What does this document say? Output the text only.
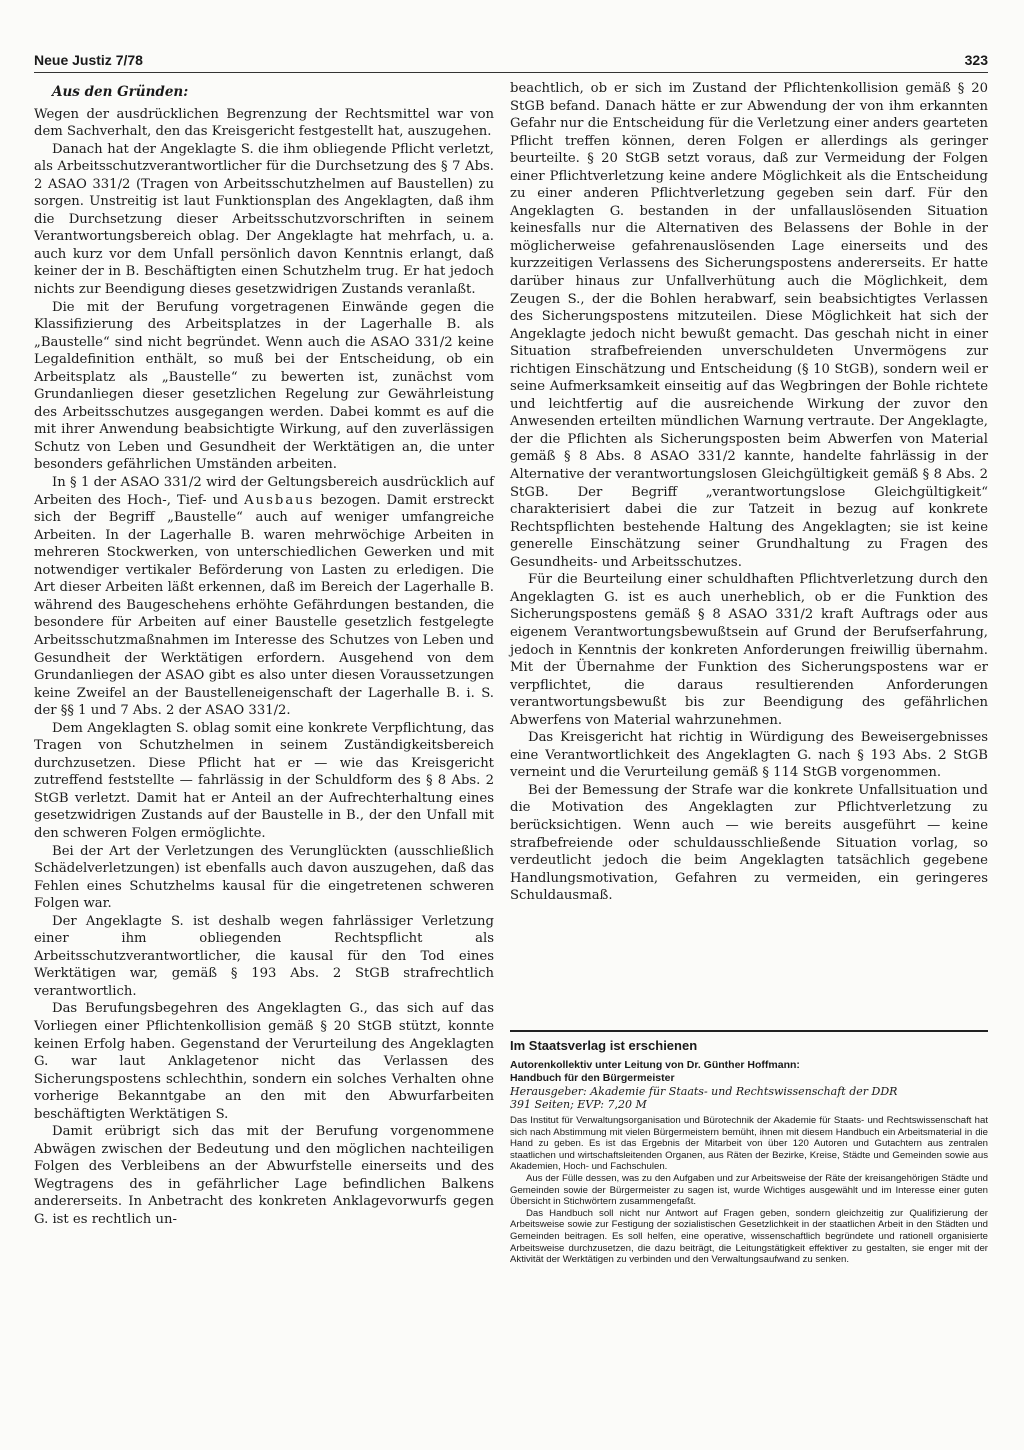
Neue Justiz 7/78	323
Aus den Gründen:

Wegen der ausdrücklichen Begrenzung der Rechtsmittel war von dem Sachverhalt, den das Kreisgericht festgestellt hat, auszugehen.

Danach hat der Angeklagte S. die ihm obliegende Pflicht verletzt, als Arbeitsschutzverantwortlicher für die Durchsetzung des § 7 Abs. 2 ASAO 331/2 (Tragen von Arbeitsschutzhelmen auf Baustellen) zu sorgen. Unstreitig ist laut Funktionsplan des Angeklagten, daß ihm die Durchsetzung dieser Arbeitsschutzvorschriften in seinem Verantwortungsbereich oblag. Der Angeklagte hat mehrfach, u. a. auch kurz vor dem Unfall persönlich davon Kenntnis erlangt, daß keiner der in B. Beschäftigten einen Schutzhelm trug. Er hat jedoch nichts zur Beendigung dieses gesetzwidrigen Zustands veranlaßt.

Die mit der Berufung vorgetragenen Einwände gegen die Klassifizierung des Arbeitsplatzes in der Lagerhalle B. als „Baustelle“ sind nicht begründet. Wenn auch die ASAO 331/2 keine Legaldefinition enthält, so muß bei der Entscheidung, ob ein Arbeitsplatz als „Baustelle“ zu bewerten ist, zunächst vom Grundanliegen dieser gesetzlichen Regelung zur Gewährleistung des Arbeitsschutzes ausgegangen werden. Dabei kommt es auf die mit ihrer Anwendung beabsichtigte Wirkung, auf den zuverlässigen Schutz von Leben und Gesundheit der Werktätigen an, die unter besonders gefährlichen Umständen arbeiten.

In § 1 der ASAO 331/2 wird der Geltungsbereich ausdrücklich auf Arbeiten des Hoch-, Tief- und Ausbaus bezogen. Damit erstreckt sich der Begriff „Baustelle“ auch auf weniger umfangreiche Arbeiten. In der Lagerhalle B. waren mehrwöchige Arbeiten in mehreren Stockwerken, von unterschiedlichen Gewerken und mit notwendiger vertikaler Beförderung von Lasten zu erledigen. Die Art dieser Arbeiten läßt erkennen, daß im Bereich der Lagerhalle B. während des Baugeschehens erhöhte Gefährdungen bestanden, die besondere für Arbeiten auf einer Baustelle gesetzlich festgelegte Arbeitsschutzmaßnahmen im Interesse des Schutzes von Leben und Gesundheit der Werktätigen erfordern. Ausgehend von dem Grundanliegen der ASAO gibt es also unter diesen Voraussetzungen keine Zweifel an der Baustelleneigenschaft der Lagerhalle B. i. S. der §§ 1 und 7 Abs. 2 der ASAO 331/2.

Dem Angeklagten S. oblag somit eine konkrete Verpflichtung, das Tragen von Schutzhelmen in seinem Zuständigkeitsbereich durchzusetzen. Diese Pflicht hat er — wie das Kreisgericht zutreffend feststellte — fahrlässig in der Schuldform des § 8 Abs. 2 StGB verletzt. Damit hat er Anteil an der Aufrechterhaltung eines gesetzwidrigen Zustands auf der Baustelle in B., der den Unfall mit den schweren Folgen ermöglichte.

Bei der Art der Verletzungen des Verunglückten (ausschließlich Schädelverletzungen) ist ebenfalls auch davon auszugehen, daß das Fehlen eines Schutzhelms kausal für die eingetretenen schweren Folgen war.

Der Angeklagte S. ist deshalb wegen fahrlässiger Verletzung einer ihm obliegenden Rechtspflicht als Arbeitsschutzverantwortlicher, die kausal für den Tod eines Werktätigen war, gemäß § 193 Abs. 2 StGB strafrechtlich verantwortlich.

Das Berufungsbegehren des Angeklagten G., das sich auf das Vorliegen einer Pflichtenkollision gemäß § 20 StGB stützt, konnte keinen Erfolg haben. Gegenstand der Verurteilung des Angeklagten G. war laut Anklagetenor nicht das Verlassen des Sicherungspostens schlechthin, sondern ein solches Verhalten ohne vorherige Bekanntgabe an den mit den Abwurfarbeiten beschäftigten Werktätigen S.

Damit erübrigt sich das mit der Berufung vorgenommene Abwägen zwischen der Bedeutung und den möglichen nachteiligen Folgen des Verbleibens an der Abwurfstelle einerseits und des Wegtragens des in gefährlicher Lage befindlichen Balkens andererseits. In Anbetracht des konkreten Anklagevorwurfs gegen G. ist es rechtlich un-

beachtlich, ob er sich im Zustand der Pflichtenkollision gemäß § 20 StGB befand. Danach hätte er zur Abwendung der von ihm erkannten Gefahr nur die Entscheidung für die Verletzung einer anders gearteten Pflicht treffen können, deren Folgen er allerdings als geringer beurteilte. § 20 StGB setzt voraus, daß zur Vermeidung der Folgen einer Pflichtverletzung keine andere Möglichkeit als die Entscheidung zu einer anderen Pflichtverletzung gegeben sein darf. Für den Angeklagten G. bestanden in der unfallauslösenden Situation keinesfalls nur die Alternativen des Belassens der Bohle in der möglicherweise gefahrenauslösenden Lage einerseits und des kurzzeitigen Verlassens des Sicherungspostens andererseits. Er hatte darüber hinaus zur Unfallverhütung auch die Möglichkeit, dem Zeugen S., der die Bohlen herabwarf, sein beabsichtigtes Verlassen des Sicherungspostens mitzuteilen. Diese Möglichkeit hat sich der Angeklagte jedoch nicht bewußt gemacht. Das geschah nicht in einer Situation strafbefreienden unverschuldeten Unvermögens zur richtigen Einschätzung und Entscheidung (§ 10 StGB), sondern weil er seine Aufmerksamkeit einseitig auf das Wegbringen der Bohle richtete und leichtfertig auf die ausreichende Wirkung der zuvor den Anwesenden erteilten mündlichen Warnung vertraute. Der Angeklagte, der die Pflichten als Sicherungsposten beim Abwerfen von Material gemäß § 8 Abs. 8 ASAO 331/2 kannte, handelte fahrlässig in der Alternative der verantwortungslosen Gleichgültigkeit gemäß § 8 Abs. 2 StGB. Der Begriff „verantwortungslose Gleichgültigkeit“ charakterisiert dabei die zur Tatzeit in bezug auf konkrete Rechtspflichten bestehende Haltung des Angeklagten; sie ist keine generelle Einschätzung seiner Grundhaltung zu Fragen des Gesundheits- und Arbeitsschutzes.

Für die Beurteilung einer schuldhaften Pflichtverletzung durch den Angeklagten G. ist es auch unerheblich, ob er die Funktion des Sicherungspostens gemäß § 8 ASAO 331/2 kraft Auftrags oder aus eigenem Verantwortungsbewußtsein auf Grund der Berufserfahrung, jedoch in Kenntnis der konkreten Anforderungen freiwillig übernahm. Mit der Übernahme der Funktion des Sicherungspostens war er verpflichtet, die daraus resultierenden Anforderungen verantwortungsbewußt bis zur Beendigung des gefährlichen Abwerfens von Material wahrzunehmen.

Das Kreisgericht hat richtig in Würdigung des Beweisergebnisses eine Verantwortlichkeit des Angeklagten G. nach § 193 Abs. 2 StGB verneint und die Verurteilung gemäß § 114 StGB vorgenommen.

Bei der Bemessung der Strafe war die konkrete Unfallsituation und die Motivation des Angeklagten zur Pflichtverletzung zu berücksichtigen. Wenn auch — wie bereits ausgeführt — keine strafbefreiende oder schuldausschließende Situation vorlag, so verdeutlicht jedoch die beim Angeklagten tatsächlich gegebene Handlungsmotivation, Gefahren zu vermeiden, ein geringeres Schuldausmaß.

Im Staatsverlag ist erschienen
Autorenkollektiv unter Leitung von Dr. Günther Hoffmann:
Handbuch für den Bürgermeister
Herausgeber: Akademie für Staats- und Rechtswissenschaft der DDR
391 Seiten; EVP: 7,20 M

Das Institut für Verwaltungsorganisation und Bürotechnik der Akademie für Staats- und Rechtswissenschaft hat sich nach Abstimmung mit vielen Bürgermeistern bemüht, ihnen mit diesem Handbuch ein Arbeitsmaterial in die Hand zu geben. Es ist das Ergebnis der Mitarbeit von über 120 Autoren und Gutachtern aus zentralen staatlichen und wirtschaftsleitenden Organen, aus Räten der Bezirke, Kreise, Städte und Gemeinden sowie aus Akademien, Hoch- und Fachschulen.

Aus der Fülle dessen, was zu den Aufgaben und zur Arbeitsweise der Räte der kreisangehörigen Städte und Gemeinden sowie der Bürgermeister zu sagen ist, wurde Wichtiges ausgewählt und im Interesse einer guten Übersicht in Stichwörtern zusammengefaßt.

Das Handbuch soll nicht nur Antwort auf Fragen geben, sondern gleichzeitig zur Qualifizierung der Arbeitsweise sowie zur Festigung der sozialistischen Gesetzlichkeit in der staatlichen Arbeit in den Städten und Gemeinden beitragen. Es soll helfen, eine operative, wissenschaftlich begründete und rationell organisierte Arbeitsweise durchzusetzen, die dazu beiträgt, die Leitungstätigkeit effektiver zu gestalten, sie enger mit der Aktivität der Werktätigen zu verbinden und den Verwaltungsaufwand zu senken.
